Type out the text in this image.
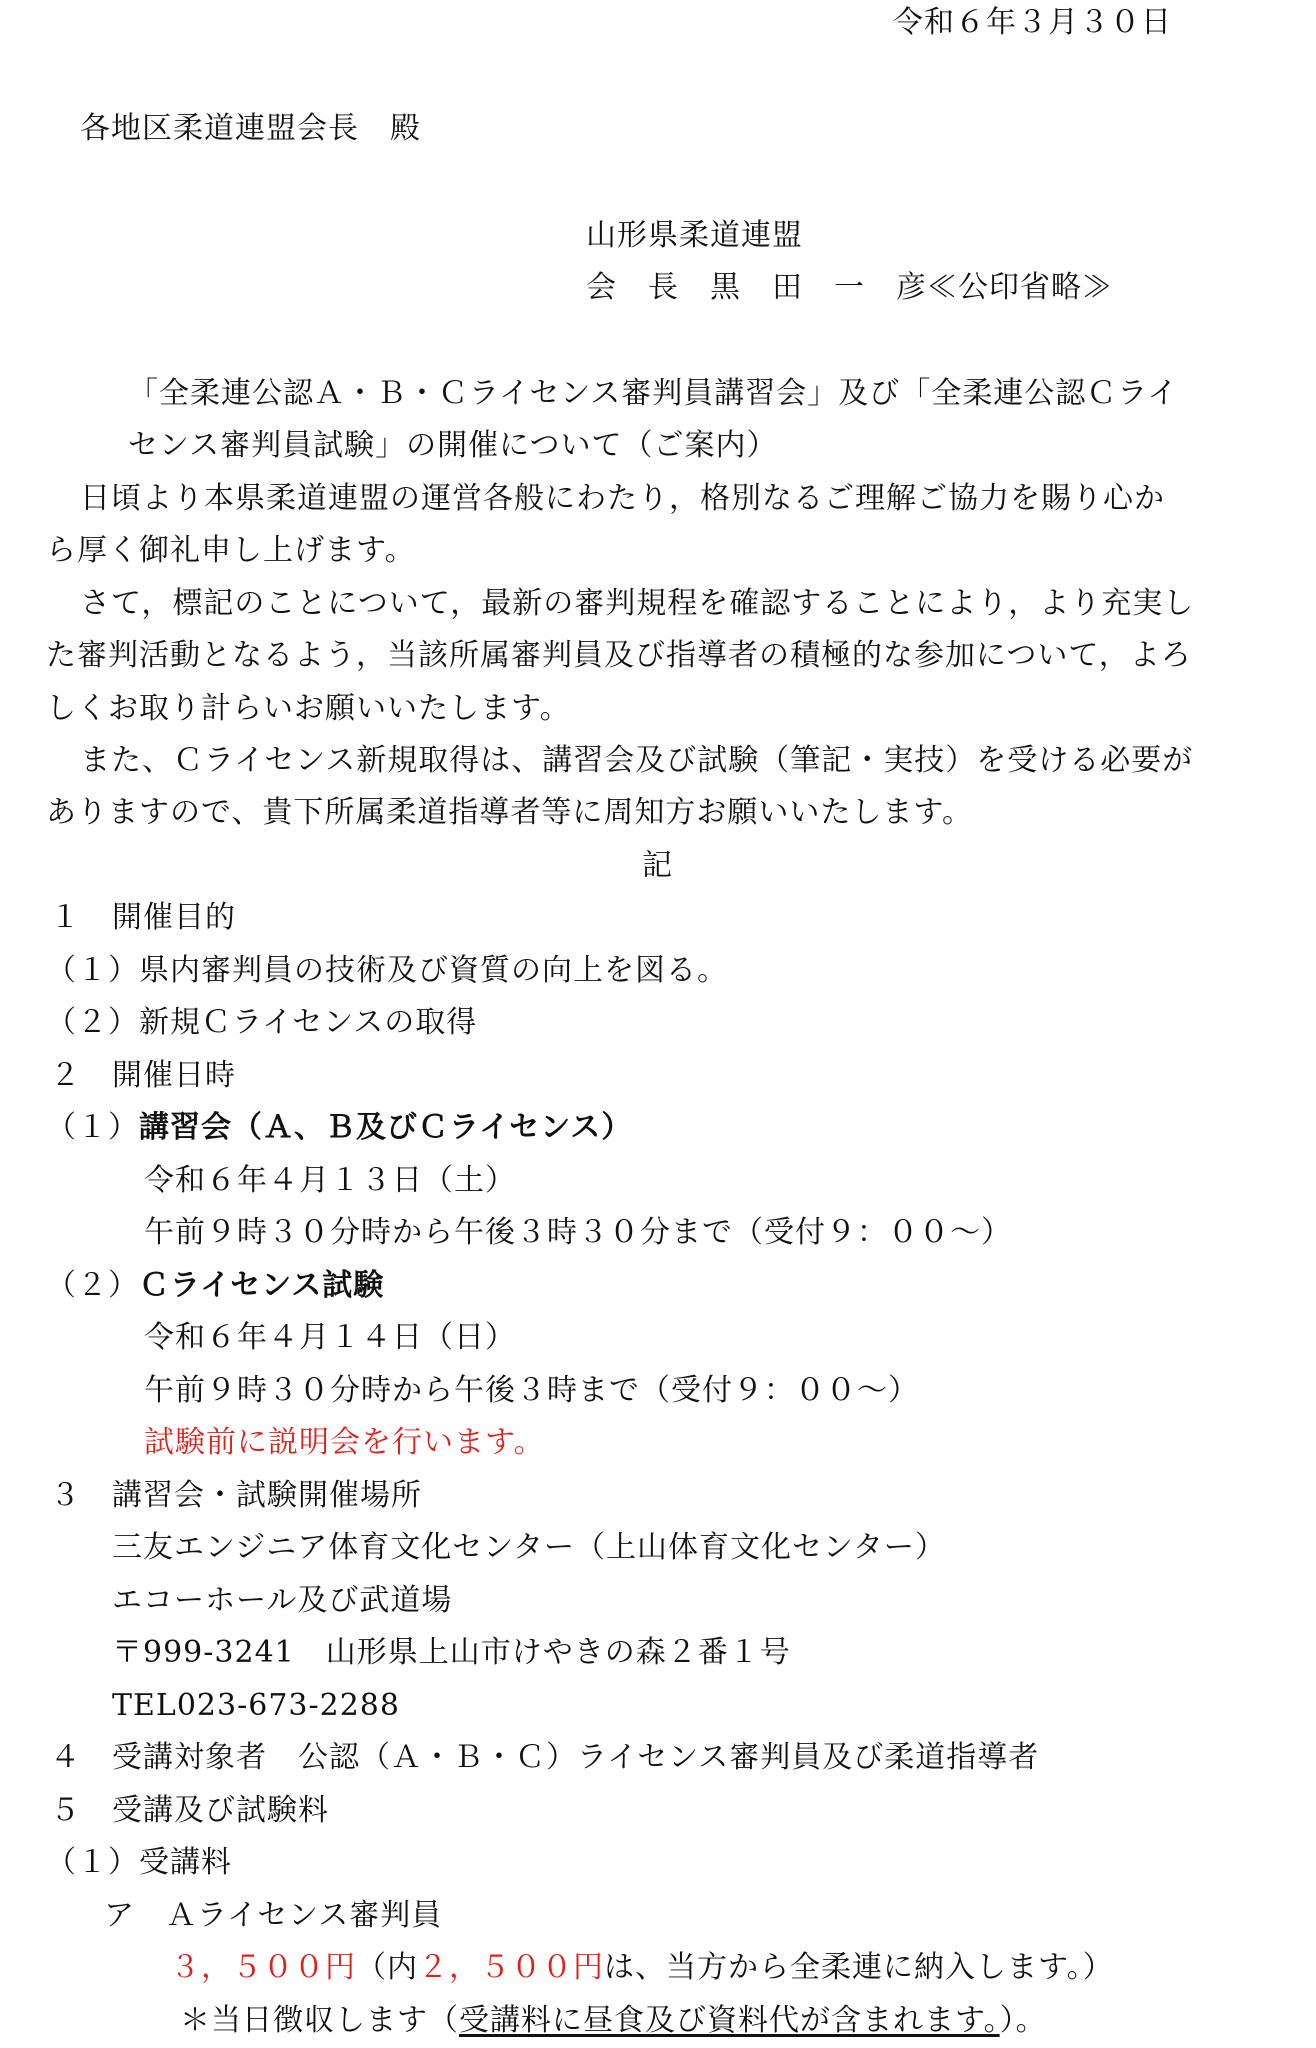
令和６年３月３０日
各地区柔道連盟会長　殿
山形県柔道連盟
会　長　黒　田　一　彦≪公印省略≫
「全柔連公認Ａ・Ｂ・Ｃライセンス審判員講習会」及び「全柔連公認Ｃライ
センス審判員試験」の開催について（ご案内）
日頃より本県柔道連盟の運営各般にわたり，格別なるご理解ご協力を賜り心か
ら厚く御礼申し上げます。
さて，標記のことについて，最新の審判規程を確認することにより，より充実し
た審判活動となるよう，当該所属審判員及び指導者の積極的な参加について，よろ
しくお取り計らいお願いいたします。
また、Ｃライセンス新規取得は、講習会及び試験（筆記・実技）を受ける必要が
ありますので、貴下所属柔道指導者等に周知方お願いいたします。
記
１　開催目的
（１）県内審判員の技術及び資質の向上を図る。
（２）新規Ｃライセンスの取得
２　開催日時
（１）講習会（Ａ、Ｂ及びＣライセンス）
令和６年４月１３日（土）
午前９時３０分時から午後３時３０分まで（受付９：００～）
（２）Ｃライセンス試験
令和６年４月１４日（日）
午前９時３０分時から午後３時まで（受付９：００～）
試験前に説明会を行います。
３　講習会・試験開催場所
三友エンジニア体育文化センター（上山体育文化センター）
エコーホール及び武道場
〒999-3241　山形県上山市けやきの森２番１号
TEL023-673-2288
４　受講対象者　公認（Ａ・Ｂ・Ｃ）ライセンス審判員及び柔道指導者
５　受講及び試験料
（１）受講料
ア　Ａライセンス審判員
３，５００円（内２，５００円は、当方から全柔連に納入します。）
＊当日徴収します（受講料に昼食及び資料代が含まれます。）。
